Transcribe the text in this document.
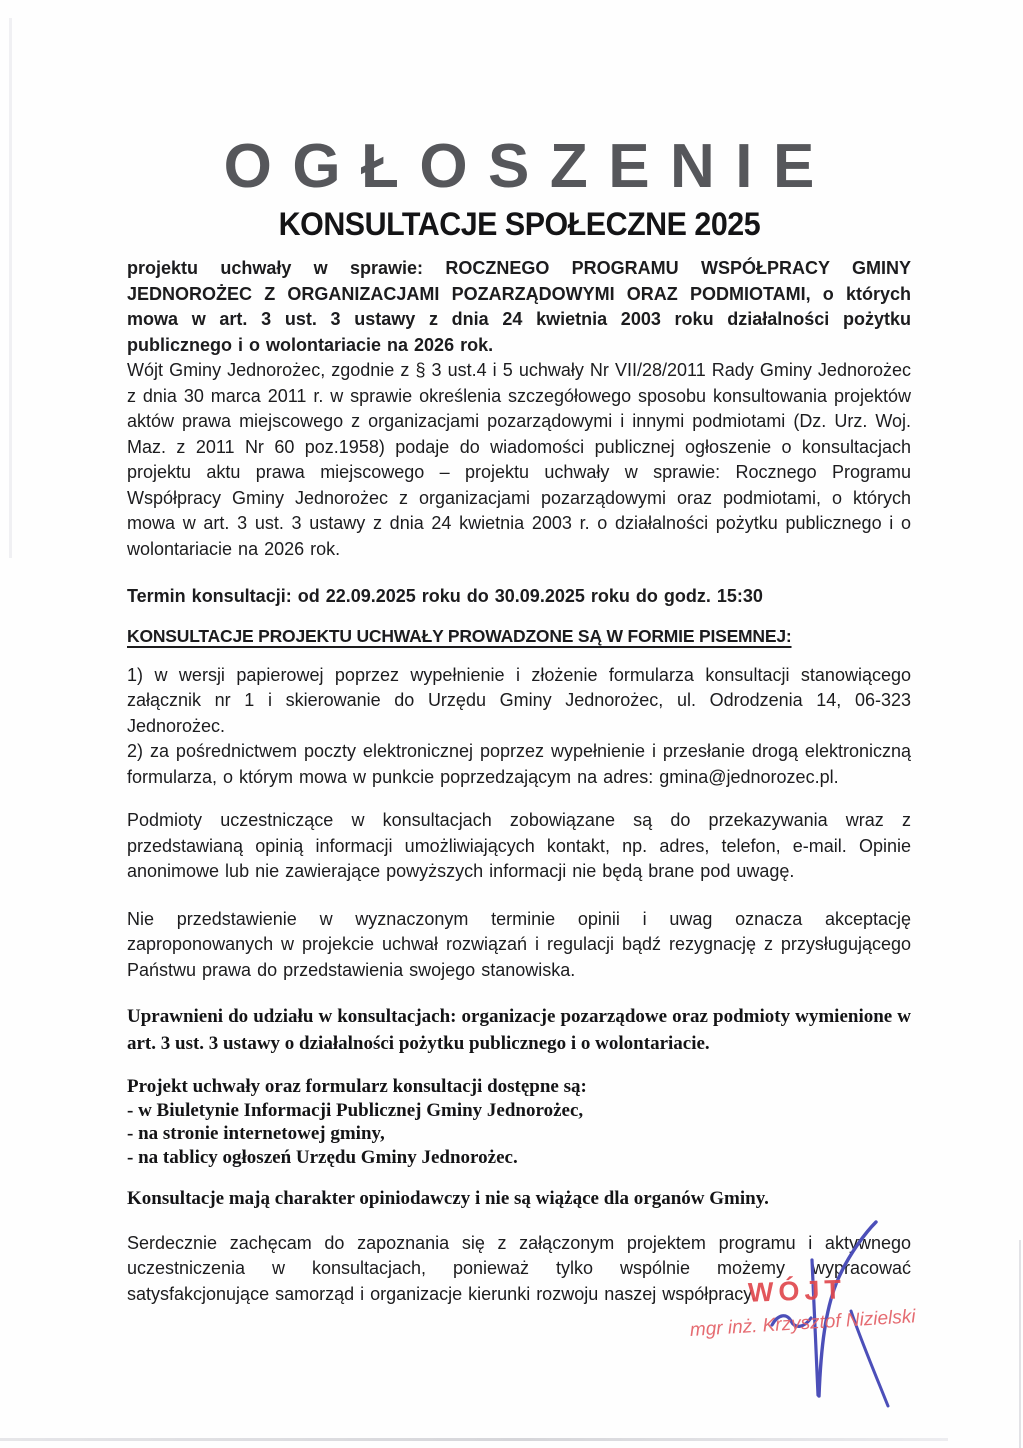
OGŁOSZENIE
KONSULTACJE SPOŁECZNE 2025

projektu uchwały w sprawie: ROCZNEGO PROGRAMU WSPÓŁPRACY GMINY JEDNOROŻEC Z ORGANIZACJAMI POZARZĄDOWYMI ORAZ PODMIOTAMI, o których mowa w art. 3 ust. 3 ustawy z dnia 24 kwietnia 2003 roku działalności pożytku publicznego i o wolontariacie na 2026 rok.

Wójt Gminy Jednorożec, zgodnie z § 3 ust.4 i 5 uchwały Nr VII/28/2011 Rady Gminy Jednorożec z dnia 30 marca 2011 r. w sprawie określenia szczegółowego sposobu konsultowania projektów aktów prawa miejscowego z organizacjami pozarządowymi i innymi podmiotami (Dz. Urz. Woj. Maz. z 2011 Nr 60 poz.1958) podaje do wiadomości publicznej ogłoszenie o konsultacjach projektu aktu prawa miejscowego – projektu uchwały w sprawie: Rocznego Programu Współpracy Gminy Jednorożec z organizacjami pozarządowymi oraz podmiotami, o których mowa w art. 3 ust. 3 ustawy z dnia 24 kwietnia 2003 r. o działalności pożytku publicznego i o wolontariacie na 2026 rok.

Termin konsultacji: od 22.09.2025 roku do 30.09.2025 roku do godz. 15:30

KONSULTACJE PROJEKTU UCHWAŁY PROWADZONE SĄ W FORMIE PISEMNEJ:

1) w wersji papierowej poprzez wypełnienie i złożenie formularza konsultacji stanowiącego załącznik nr 1 i skierowanie do Urzędu Gminy Jednorożec, ul. Odrodzenia 14, 06-323 Jednorożec.

2) za pośrednictwem poczty elektronicznej poprzez wypełnienie i przesłanie drogą elektroniczną formularza, o którym mowa w punkcie poprzedzającym na adres: gmina@jednorozec.pl.

Podmioty uczestniczące w konsultacjach zobowiązane są do przekazywania wraz z przedstawianą opinią informacji umożliwiających kontakt, np. adres, telefon, e-mail. Opinie anonimowe lub nie zawierające powyższych informacji nie będą brane pod uwagę.

Nie przedstawienie w wyznaczonym terminie opinii i uwag oznacza akceptację zaproponowanych w projekcie uchwał rozwiązań i regulacji bądź rezygnację z przysługującego Państwu prawa do przedstawienia swojego stanowiska.

Uprawnieni do udziału w konsultacjach: organizacje pozarządowe oraz podmioty wymienione w art. 3 ust. 3 ustawy o działalności pożytku publicznego i o wolontariacie.

Projekt uchwały oraz formularz konsultacji dostępne są:

- w Biuletynie Informacji Publicznej Gminy Jednorożec,

- na stronie internetowej gminy,

- na tablicy ogłoszeń Urzędu Gminy Jednorożec.

Konsultacje mają charakter opiniodawczy i nie są wiążące dla organów Gminy.

Serdecznie zachęcam do zapoznania się z załączonym projektem programu i aktywnego uczestniczenia w konsultacjach, ponieważ tylko wspólnie możemy wypracować satysfakcjonujące samorząd i organizacje kierunki rozwoju naszej współpracy.

WÓJT
mgr inż. Krzysztof Nizielski
